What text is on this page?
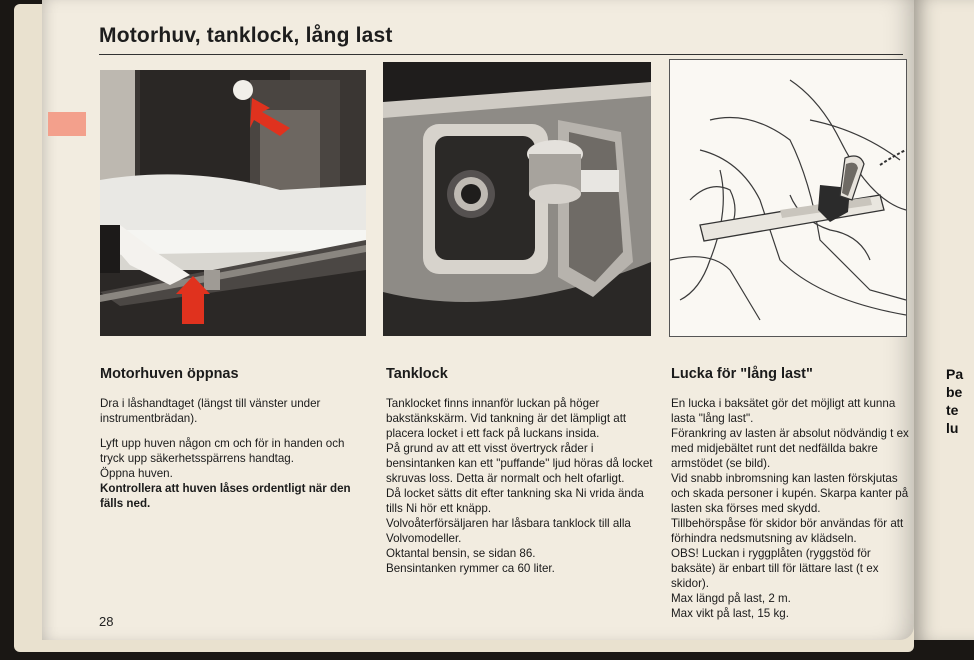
Pa
be
te
lu
Motorhuv, tanklock, lång last
Motorhuven öppnas

Dra i låshandtaget (längst till vänster under instrumentbrädan).

Lyft upp huven någon cm och för in handen och tryck upp säkerhetsspärrens handtag.

Öppna huven.

Kontrollera att huven låses ordentligt när den fälls ned.

Tanklock

Tanklocket finns innanför luckan på höger bakstänkskärm. Vid tankning är det lämpligt att placera locket i ett fack på luckans insida.

På grund av att ett visst övertryck råder i bensintanken kan ett "puffande" ljud höras då locket skruvas loss. Detta är normalt och helt ofarligt.

Då locket sätts dit efter tankning ska Ni vrida ända tills Ni hör ett knäpp.

Volvoåterförsäljaren har låsbara tanklock till alla Volvomodeller.

Oktantal bensin, se sidan 86.

Bensintanken rymmer ca 60 liter.

Lucka för "lång last"

En lucka i baksätet gör det möjligt att kunna lasta "lång last".

Förankring av lasten är absolut nödvändig t ex med midjebältet runt det nedfällda bakre armstödet (se bild).

Vid snabb inbromsning kan lasten förskjutas och skada personer i kupén. Skarpa kanter på lasten ska förses med skydd.

Tillbehörspåse för skidor bör användas för att förhindra nedsmutsning av klädseln.

OBS! Luckan i ryggplåten (ryggstöd för baksäte) är enbart till för lättare last (t ex skidor).

Max längd på last, 2 m.

Max vikt på last, 15 kg.

28
